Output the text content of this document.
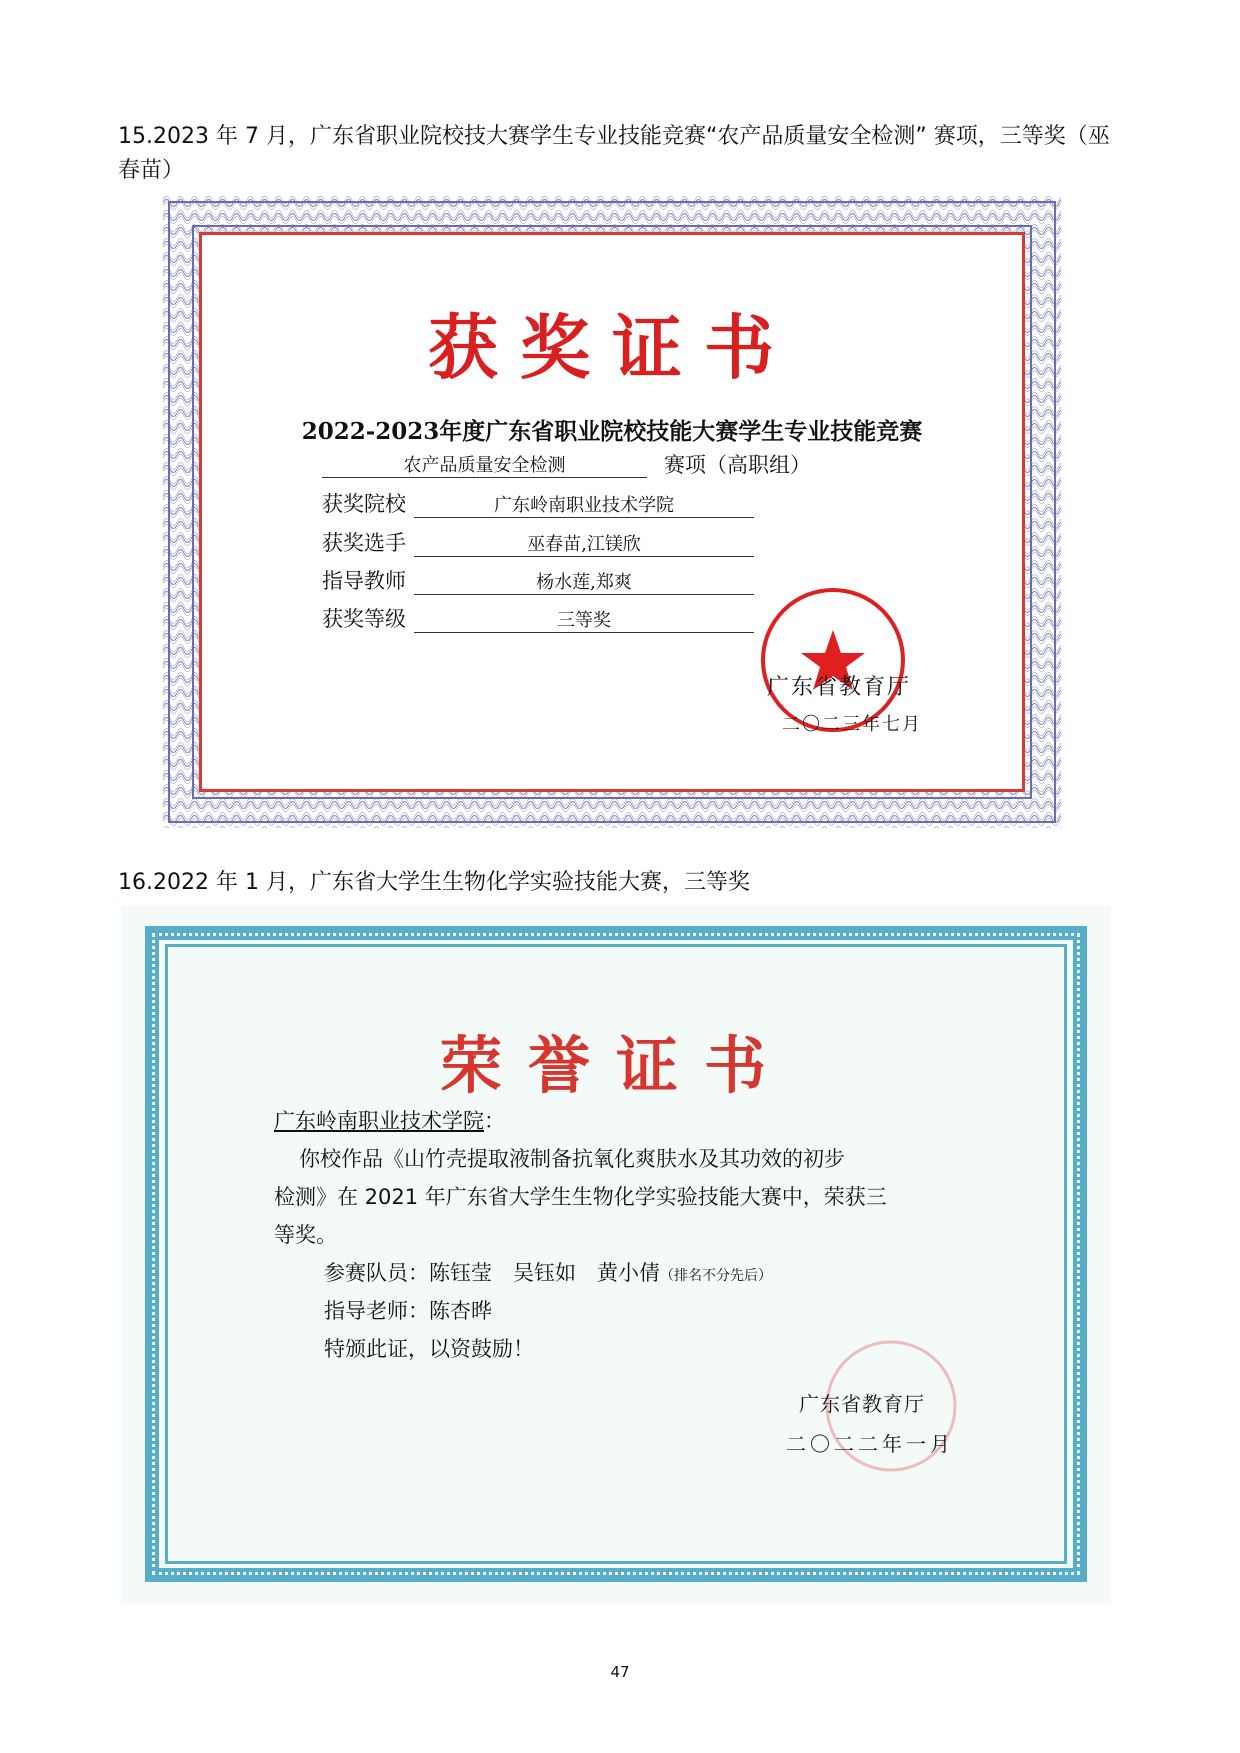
15.2023 年 7 月，广东省职业院校技大赛学生专业技能竞赛“农产品质量安全检测” 赛项，三等奖（巫春苗）
16.2022 年 1 月，广东省大学生生物化学实验技能大赛，三等奖
获奖证书
2022-2023年度广东省职业院校技能大赛学生专业技能竞赛
农产品质量安全检测	赛项（高职组）
获奖院校	广东岭南职业技术学院
获奖选手	巫春苗,江镁欣
指导教师	杨水莲,郑爽
获奖等级	三等奖
广东省教育厅
二〇二三年七月
荣誉证书
广东岭南职业技术学院：
你校作品《山竹壳提取液制备抗氧化爽肤水及其功效的初步
检测》在 2021 年广东省大学生生物化学实验技能大赛中，荣获三
等奖。
参赛队员：陈钰莹　 吴钰如　黄小倩（排名不分先后）
指导老师：陈杏晔
特颁此证，以资鼓励！
广东省教育厅
二〇二二年一月
47
